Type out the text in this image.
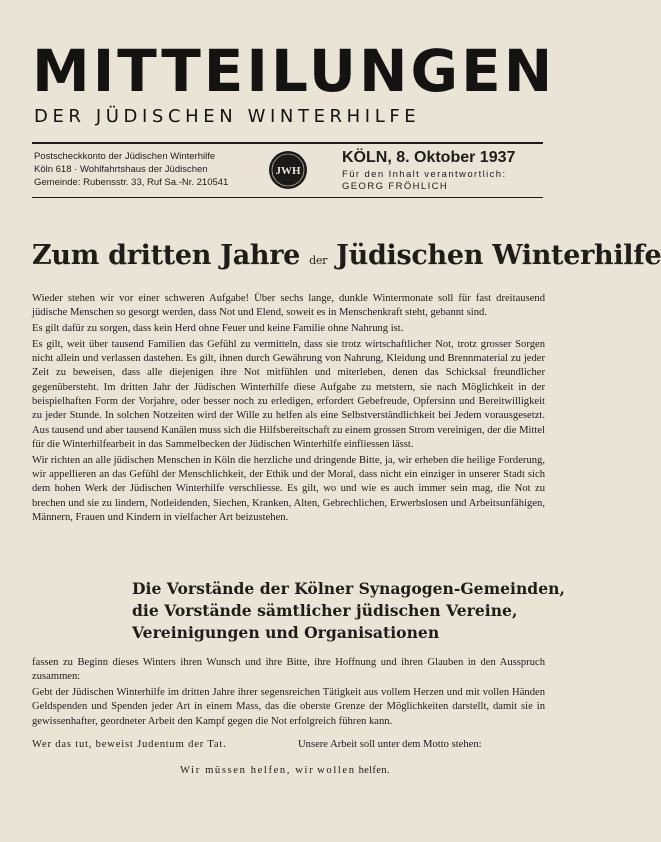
MITTEILUNGEN
DER JÜDISCHEN WINTERHILFE
Postscheckkonto der Jüdischen Winterhilfe
Köln 618 · Wohlfahrtshaus der Jüdischen
Gemeinde: Rubensstr. 33, Ruf Sa.-Nr. 210541
JWH
KÖLN, 8. Oktober 1937
Für den Inhalt verantwortlich:
GEORG FRÖHLICH
Zum dritten Jahre der Jüdischen Winterhilfe

Wieder stehen wir vor einer schweren Aufgabe! Über sechs lange, dunkle Wintermonate soll für fast dreitausend jüdische Menschen so gesorgt werden, dass Not und Elend, soweit es in Menschenkraft steht, gebannt sind.

Es gilt dafür zu sorgen, dass kein Herd ohne Feuer und keine Familie ohne Nahrung ist.

Es gilt, weit über tausend Familien das Gefühl zu vermitteln, dass sie trotz wirtschaftlicher Not, trotz grosser Sorgen nicht allein und verlassen dastehen. Es gilt, ihnen durch Gewährung von Nahrung, Kleidung und Brennmaterial zu jeder Zeit zu beweisen, dass alle diejenigen ihre Not mitfühlen und miterleben, denen das Schicksal freundlicher gegenübersteht. Im dritten Jahr der Jüdischen Winterhilfe diese Aufgabe zu metstern, sie nach Möglichkeit in der beispielhaften Form der Vorjahre, oder besser noch zu erledigen, erfordert Gebefreude, Opfersinn und Bereitwilligkeit zu jeder Stunde. In solchen Notzeiten wird der Wille zu helfen als eine Selbstverständlichkeit bei Jedem vorausgesetzt. Aus tausend und aber tausend Kanälen muss sich die Hilfsbereitschaft zu einem grossen Strom vereinigen, der die Mittel für die Winterhilfearbeit in das Sammelbecken der Jüdischen Winterhilfe einfliessen lässt.

Wir richten an alle jüdischen Menschen in Köln die herzliche und dringende Bitte, ja, wir erheben die heilige Forderung, wir appellieren an das Gefühl der Menschlichkeit, der Ethik und der Moral, dass nicht ein einziger in unserer Stadt sich dem hohen Werk der Jüdischen Winterhilfe verschliesse. Es gilt, wo und wie es auch immer sein mag, die Not zu brechen und sie zu lindern, Notleidenden, Siechen, Kranken, Alten, Gebrechlichen, Erwerbslosen und Arbeitsunfähigen, Männern, Frauen und Kindern in vielfacher Art beizustehen.

Die Vorstände der Kölner Synagogen-Gemeinden,
die Vorstände sämtlicher jüdischen Vereine,
Vereinigungen und Organisationen

fassen zu Beginn dieses Winters ihren Wunsch und ihre Bitte, ihre Hoffnung und ihren Glauben in den Ausspruch zusammen:

Gebt der Jüdischen Winterhilfe im dritten Jahre ihrer segensreichen Tätigkeit aus vollem Herzen und mit vollen Händen Geldspenden und Spenden jeder Art in einem Mass, das die oberste Grenze der Möglichkeiten darstellt, damit sie in gewissenhafter, geordneter Arbeit den Kampf gegen die Not erfolgreich führen kann.

Wer das tut, beweist Judentum der Tat.	Unsere Arbeit soll unter dem Motto stehen:
Wir müssen helfen, wir wollen helfen.
